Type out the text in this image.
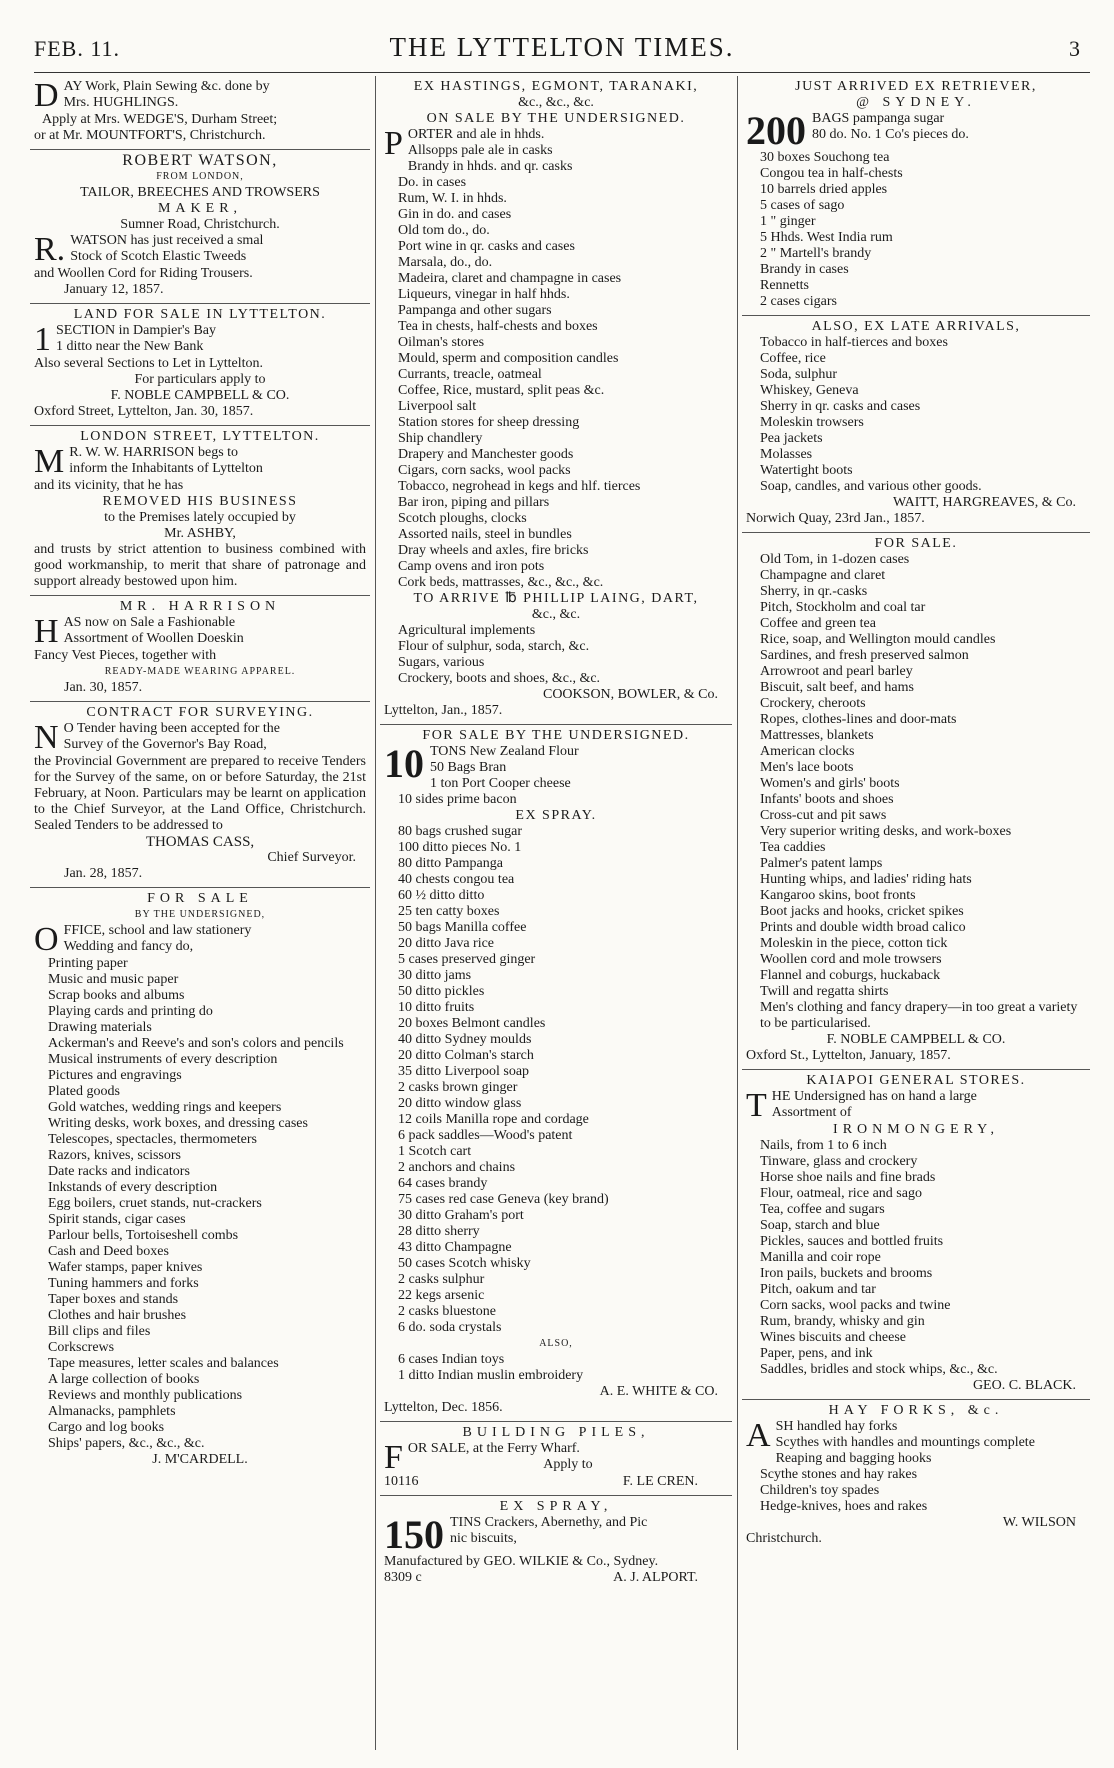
FEB. 11.	THE LYTTELTON TIMES.	3
D AY Work, Plain Sewing &c. done by
Mrs. HUGHLINGS.
Apply at Mrs. WEDGE'S, Durham Street;
or at Mr. MOUNTFORT'S, Christchurch.
ROBERT WATSON,
FROM LONDON,
TAILOR, BREECHES AND TROWSERS
MAKER,
Sumner Road, Christchurch.
R. WATSON has just received a smal
Stock of Scotch Elastic Tweeds
and Woollen Cord for Riding Trousers.
January 12, 1857.
LAND FOR SALE IN LYTTELTON.
1 SECTION in Dampier's Bay
1 ditto near the New Bank
Also several Sections to Let in Lyttelton.
For particulars apply to
F. NOBLE CAMPBELL & CO.
Oxford Street, Lyttelton, Jan. 30, 1857.
LONDON STREET, LYTTELTON.
M R. W. W. HARRISON begs to
inform the Inhabitants of Lyttelton
and its vicinity, that he has
REMOVED HIS BUSINESS
to the Premises lately occupied by
Mr. ASHBY,
and trusts by strict attention to business combined with good workmanship, to merit that share of patronage and support already bestowed upon him.
MR. HARRISON
H AS now on Sale a Fashionable
Assortment of Woollen Doeskin
Fancy Vest Pieces, together with
READY-MADE WEARING APPAREL.
Jan. 30, 1857.
CONTRACT FOR SURVEYING.
N O Tender having been accepted for the
Survey of the Governor's Bay Road,
the Provincial Government are prepared to receive Tenders for the Survey of the same, on or before Saturday, the 21st February, at Noon. Particulars may be learnt on application to the Chief Surveyor, at the Land Office, Christchurch. Sealed Tenders to be addressed to
THOMAS CASS,
Chief Surveyor.
Jan. 28, 1857.
FOR SALE
BY THE UNDERSIGNED,
O FFICE, school and law stationery
Wedding and fancy do,
Printing paper
Music and music paper
Scrap books and albums
Playing cards and printing do
Drawing materials
Ackerman's and Reeve's and son's colors and pencils
Musical instruments of every description
Pictures and engravings
Plated goods
Gold watches, wedding rings and keepers
Writing desks, work boxes, and dressing cases
Telescopes, spectacles, thermometers
Razors, knives, scissors
Date racks and indicators
Inkstands of every description
Egg boilers, cruet stands, nut-crackers
Spirit stands, cigar cases
Parlour bells, Tortoiseshell combs
Cash and Deed boxes
Wafer stamps, paper knives
Tuning hammers and forks
Taper boxes and stands
Clothes and hair brushes
Bill clips and files
Corkscrews
Tape measures, letter scales and balances
A large collection of books
Reviews and monthly publications
Almanacks, pamphlets
Cargo and log books
Ships' papers, &c., &c., &c.
J. M'CARDELL.
EX HASTINGS, EGMONT, TARANAKI,
&c., &c., &c.
ON SALE BY THE UNDERSIGNED.
P ORTER and ale in hhds.
Allsopps pale ale in casks
Brandy in hhds. and qr. casks
Do. in cases
Rum, W. I. in hhds.
Gin in do. and cases
Old tom do., do.
Port wine in qr. casks and cases
Marsala, do., do.
Madeira, claret and champagne in cases
Liqueurs, vinegar in half hhds.
Pampanga and other sugars
Tea in chests, half-chests and boxes
Oilman's stores
Mould, sperm and composition candles
Currants, treacle, oatmeal
Coffee, Rice, mustard, split peas &c.
Liverpool salt
Station stores for sheep dressing
Ship chandlery
Drapery and Manchester goods
Cigars, corn sacks, wool packs
Tobacco, negrohead in kegs and hlf. tierces
Bar iron, piping and pillars
Scotch ploughs, clocks
Assorted nails, steel in bundles
Dray wheels and axles, fire bricks
Camp ovens and iron pots
Cork beds, mattrasses, &c., &c., &c.
TO ARRIVE ℔ PHILLIP LAING, DART,
&c., &c.
Agricultural implements
Flour of sulphur, soda, starch, &c.
Sugars, various
Crockery, boots and shoes, &c., &c.
COOKSON, BOWLER, & Co.
Lyttelton, Jan., 1857.
FOR SALE BY THE UNDERSIGNED.
10 TONS New Zealand Flour
50 Bags Bran
1 ton Port Cooper cheese
10 sides prime bacon
EX SPRAY.
80 bags crushed sugar
100 ditto pieces No. 1
80 ditto Pampanga
40 chests congou tea
60 ½ ditto ditto
25 ten catty boxes
50 bags Manilla coffee
20 ditto Java rice
5 cases preserved ginger
30 ditto jams
50 ditto pickles
10 ditto fruits
20 boxes Belmont candles
40 ditto Sydney moulds
20 ditto Colman's starch
35 ditto Liverpool soap
2 casks brown ginger
20 ditto window glass
12 coils Manilla rope and cordage
6 pack saddles—Wood's patent
1 Scotch cart
2 anchors and chains
64 cases brandy
75 cases red case Geneva (key brand)
30 ditto Graham's port
28 ditto sherry
43 ditto Champagne
50 cases Scotch whisky
2 casks sulphur
22 kegs arsenic
2 casks bluestone
6 do. soda crystals
ALSO,
6 cases Indian toys
1 ditto Indian muslin embroidery
A. E. WHITE & CO.
Lyttelton, Dec. 1856.
BUILDING PILES,
F OR SALE, at the Ferry Wharf.
Apply to
10116	F. LE CREN.
EX SPRAY,
150 TINS Crackers, Abernethy, and Pic
nic biscuits,
Manufactured by GEO. WILKIE & Co., Sydney.
8309 c	A. J. ALPORT.
JUST ARRIVED EX RETRIEVER,
@ SYDNEY.
200 BAGS pampanga sugar
80 do. No. 1 Co's pieces do.
30 boxes Souchong tea
Congou tea in half-chests
10 barrels dried apples
5 cases of sago
1 " ginger
5 Hhds. West India rum
2 " Martell's brandy
Brandy in cases
Rennetts
2 cases cigars
ALSO, EX LATE ARRIVALS,
Tobacco in half-tierces and boxes
Coffee, rice
Soda, sulphur
Whiskey, Geneva
Sherry in qr. casks and cases
Moleskin trowsers
Pea jackets
Molasses
Watertight boots
Soap, candles, and various other goods.
WAITT, HARGREAVES, & Co.
Norwich Quay, 23rd Jan., 1857.
FOR SALE.
Old Tom, in 1-dozen cases
Champagne and claret
Sherry, in qr.-casks
Pitch, Stockholm and coal tar
Coffee and green tea
Rice, soap, and Wellington mould candles
Sardines, and fresh preserved salmon
Arrowroot and pearl barley
Biscuit, salt beef, and hams
Crockery, cheroots
Ropes, clothes-lines and door-mats
Mattresses, blankets
American clocks
Men's lace boots
Women's and girls' boots
Infants' boots and shoes
Cross-cut and pit saws
Very superior writing desks, and work-boxes
Tea caddies
Palmer's patent lamps
Hunting whips, and ladies' riding hats
Kangaroo skins, boot fronts
Boot jacks and hooks, cricket spikes
Prints and double width broad calico
Moleskin in the piece, cotton tick
Woollen cord and mole trowsers
Flannel and coburgs, huckaback
Twill and regatta shirts
Men's clothing and fancy drapery—in too great a variety to be particularised.
F. NOBLE CAMPBELL & CO.
Oxford St., Lyttelton, January, 1857.
KAIAPOI GENERAL STORES.
T HE Undersigned has on hand a large
Assortment of
IRONMONGERY,
Nails, from 1 to 6 inch
Tinware, glass and crockery
Horse shoe nails and fine brads
Flour, oatmeal, rice and sago
Tea, coffee and sugars
Soap, starch and blue
Pickles, sauces and bottled fruits
Manilla and coir rope
Iron pails, buckets and brooms
Pitch, oakum and tar
Corn sacks, wool packs and twine
Rum, brandy, whisky and gin
Wines biscuits and cheese
Paper, pens, and ink
Saddles, bridles and stock whips, &c., &c.
GEO. C. BLACK.
HAY FORKS, &c.
A SH handled hay forks
Scythes with handles and mountings complete
Reaping and bagging hooks
Scythe stones and hay rakes
Children's toy spades
Hedge-knives, hoes and rakes
W. WILSON
Christchurch.
